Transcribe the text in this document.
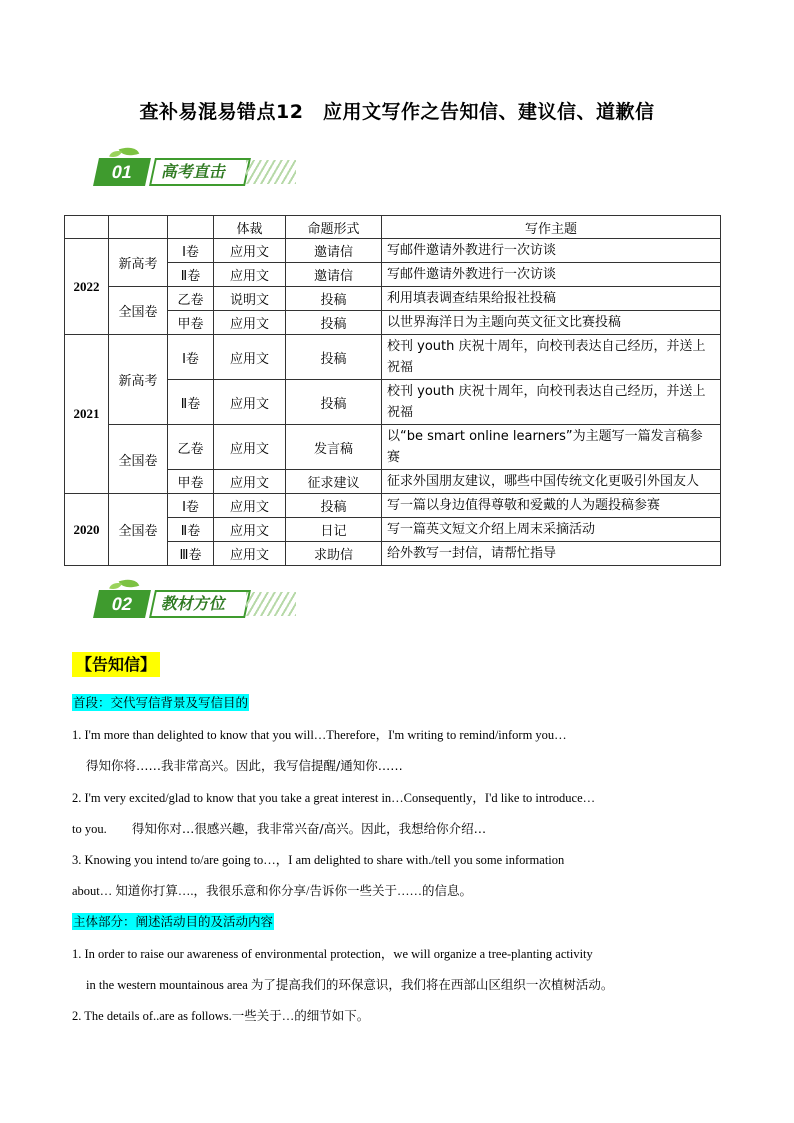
查补易混易错点12　应用文写作之告知信、建议信、道歉信
01	高考直击
			体裁	命题形式	写作主题
2022	新高考	Ⅰ卷	应用文	邀请信	写邮件邀请外教进行一次访谈
		Ⅱ卷	应用文	邀请信	写邮件邀请外教进行一次访谈
	全国卷	乙卷	说明文	投稿	利用填表调查结果给报社投稿
		甲卷	应用文	投稿	以世界海洋日为主题向英文征文比赛投稿
2021	新高考	Ⅰ卷	应用文	投稿	校刊 youth 庆祝十周年，向校刊表达自己经历，并送上祝福
		Ⅱ卷	应用文	投稿	校刊 youth 庆祝十周年，向校刊表达自己经历，并送上祝福
	全国卷	乙卷	应用文	发言稿	以“be smart online learners”为主题写一篇发言稿参赛
		甲卷	应用文	征求建议	征求外国朋友建议，哪些中国传统文化更吸引外国友人
2020	全国卷	Ⅰ卷	应用文	投稿	写一篇以身边值得尊敬和爱戴的人为题投稿参赛
		Ⅱ卷	应用文	日记	写一篇英文短文介绍上周末采摘活动
		Ⅲ卷	应用文	求助信	给外教写一封信，请帮忙指导
02	教材方位
【告知信】
首段：交代写信背景及写信目的
1. I'm more than delighted to know that you will…Therefore，I'm writing to remind/inform you…
得知你将……我非常高兴。因此，我写信提醒/通知你……
2. I'm very excited/glad to know that you take a great interest in…Consequently，I'd like to introduce…
to you. 得知你对…很感兴趣，我非常兴奋/高兴。因此，我想给你介绍…
3. Knowing you intend to/are going to…，I am delighted to share with./tell you some information
about… 知道你打算….，我很乐意和你分享/告诉你一些关于……的信息。
主体部分：阐述活动目的及活动内容
1. In order to raise our awareness of environmental protection，we will organize a tree-planting activity
in the western mountainous area 为了提高我们的环保意识，我们将在西部山区组织一次植树活动。
2. The details of..are as follows.一些关于…的细节如下。
